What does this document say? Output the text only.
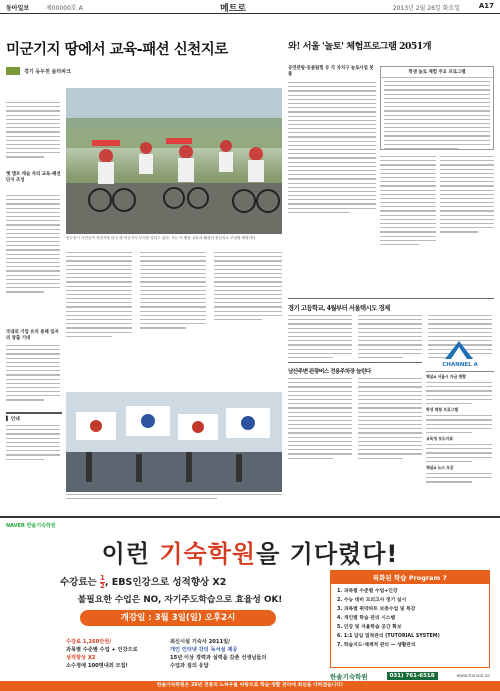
동아일보	제00000호 A	메트로	2013년 2월 26일 화요일	A17
미군기지 땅에서 교육-패션 신천지로
경기 동두천 솔라파크
옛 캠프 캐슬 자리 교육-패션 단지 조성
동두천시 시민들이 자전거를 타고 옛 미군기지 부지를 달리고 있다. 시는 이 땅을 교육과 패션의 중심지로 조성할 계획이다.
국내외 기업 유치 통해 일자리 창출 기대
▌ 안내
와! 서울 '놀토' 체험프로그램 2051개
공연관람·동물탐험 등 각 자치구 놀토사업 봇물	학생 놀토 체험 주요 프로그램
경기 고등학교, 4월부터 서울택시도 경제
남산주변 관광버스 전용주차장 늘린다
CHANNEL A
채널A 서울시 자금 현황
학생 체험 프로그램
교육청 보도자료
채널A 뉴스 모음
NAVER 한솔기숙학원
이런 기숙학원을 기다렸다!
수강료는 $\frac{1}{2}$ , EBS인강으로 성적향상 X2
불필요한 수업은 NO, 자기주도학습으로 효율성 OK!
개강일 : 3월 3일(일) 오후2시
수강료 1,260만원/
과목별 수준별 수업 + 인강으로
성적향상 X2
소수정예 100명내외 모집!
최신시설 기숙사 2011일/
개인 인터넷 강의 독서실 제공
15년 이상 경력과 실력을 갖춘 선생님들의
수업과 질의 응답
특화된 학습 Program 7
1. 과목별 수준별 수업+인강
2. 수능 대비 모의고사 정기 실시
3. 과목별 취약파트 보충수업 및 특강
4. 개인별 학습 관리 시스템
5. 인강 및 자율학습 공간 확보
6. 1:1 담임 밀착관리 (TUTORIAL SYSTEM)
7. 학습지도·체계적 관리 — 생활관리
한솔기숙학원	031) 761-6518	www.hansol.ac
한솔기숙학원은 26년 전통의 노하우를 바탕으로 학습·생활 관리에 최선을 다하겠습니다!
